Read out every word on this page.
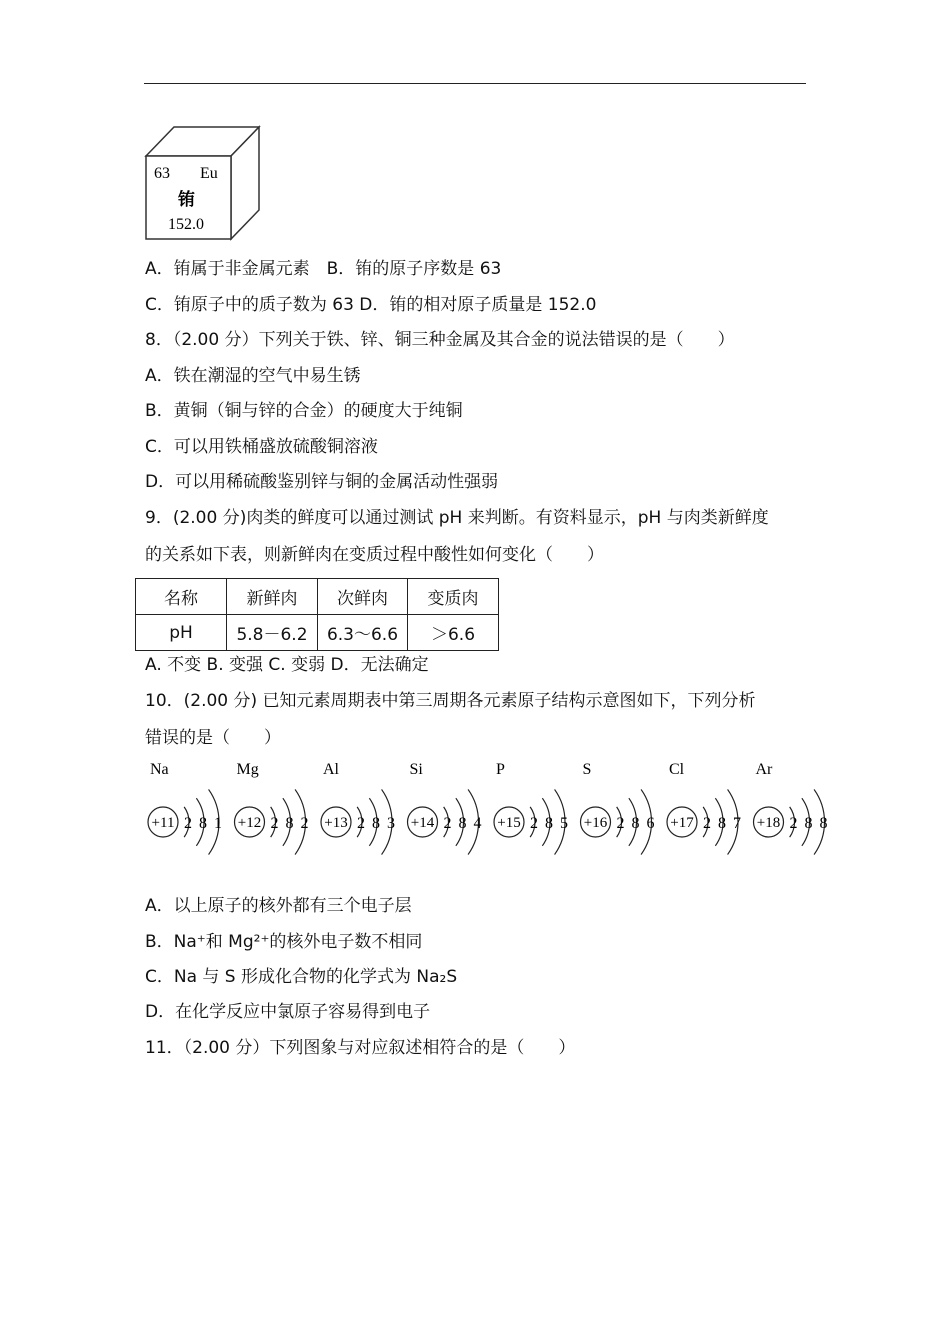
63 Eu
铕
152.0
A．铕属于非金属元素　B．铕的原子序数是 63
C．铕原子中的质子数为 63 D．铕的相对原子质量是 152.0
8．（2.00 分）下列关于铁、锌、铜三种金属及其合金的说法错误的是（　　）
A．铁在潮湿的空气中易生锈
B．黄铜（铜与锌的合金）的硬度大于纯铜
C．可以用铁桶盛放硫酸铜溶液
D．可以用稀硫酸鉴别锌与铜的金属活动性强弱
9．(2.00 分)肉类的鲜度可以通过测试 pH 来判断。有资料显示，pH 与肉类新鲜度
的关系如下表，则新鲜肉在变质过程中酸性如何变化（　　）
名称	新鲜肉	次鲜肉	变质肉
pH	5.8－6.2	6.3～6.6	＞6.6
A. 不变 B. 变强 C. 变弱 D．无法确定
10．(2.00 分) 已知元素周期表中第三周期各元素原子结构示意图如下，下列分析
错误的是（　　）
Na
+11 2 8 1
Mg
+12 2 8 2
Al
+13 2 8 3
Si
+14 2 8 4
P
+15 2 8 5
S
+16 2 8 6
Cl
+17 2 8 7
Ar
+18 2 8 8
A．以上原子的核外都有三个电子层
B．Na⁺和 Mg²⁺的核外电子数不相同
C．Na 与 S 形成化合物的化学式为 Na₂S
D．在化学反应中氯原子容易得到电子
11．（2.00 分）下列图象与对应叙述相符合的是（　　）
